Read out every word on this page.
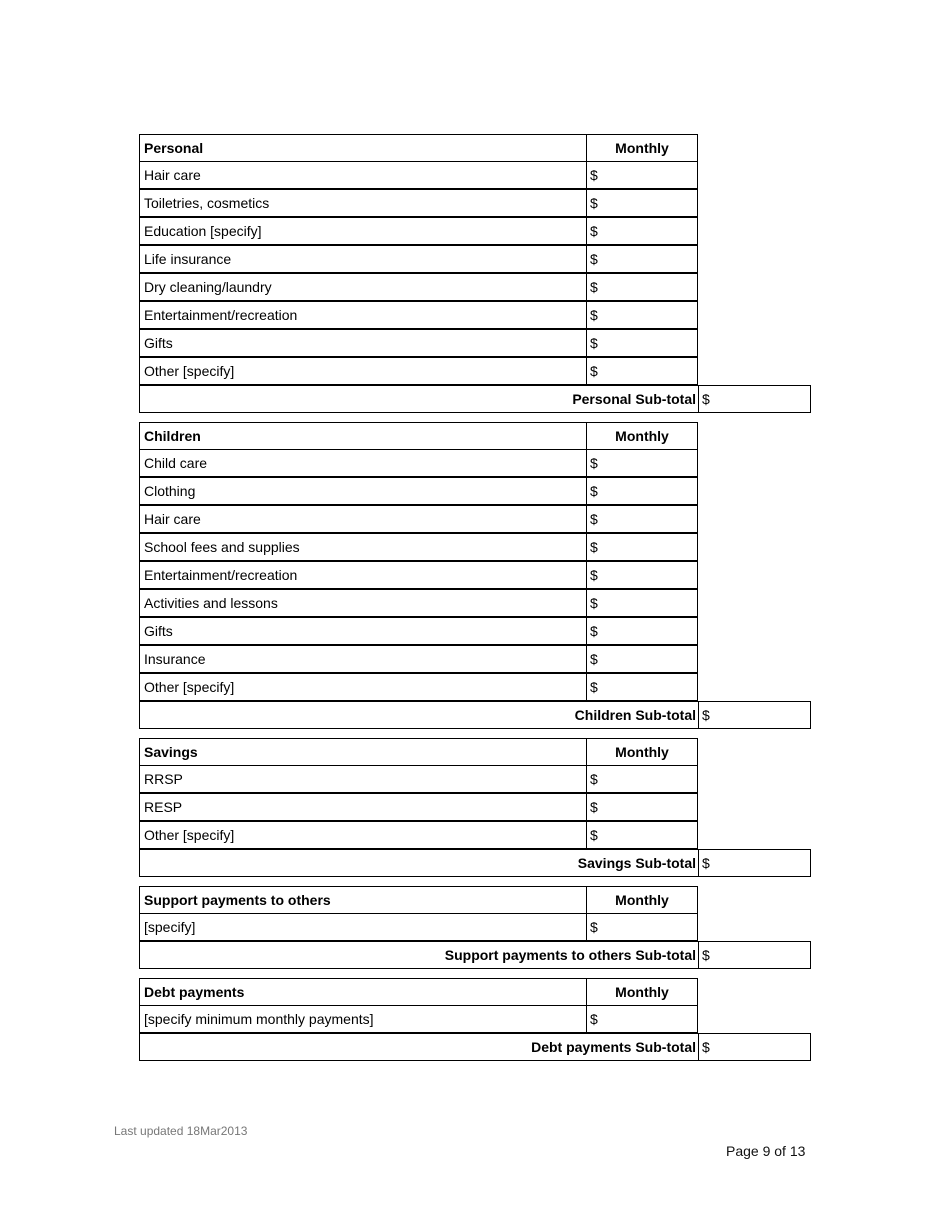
Personal	Monthly
Hair care	$
Toiletries, cosmetics	$
Education [specify]	$
Life insurance	$
Dry cleaning/laundry	$
Entertainment/recreation	$
Gifts	$
Other [specify]	$
Personal Sub-total $
Children	Monthly
Child care	$
Clothing	$
Hair care	$
School fees and supplies	$
Entertainment/recreation	$
Activities and lessons	$
Gifts	$
Insurance	$
Other [specify]	$
Children Sub-total $
Savings	Monthly
RRSP	$
RESP	$
Other [specify]	$
Savings Sub-total $
Support payments to others	Monthly
[specify]	$
Support payments to others Sub-total $
Debt payments	Monthly
[specify minimum monthly payments]	$
Debt payments Sub-total $
Last updated 18Mar2013
Page 9 of 13
